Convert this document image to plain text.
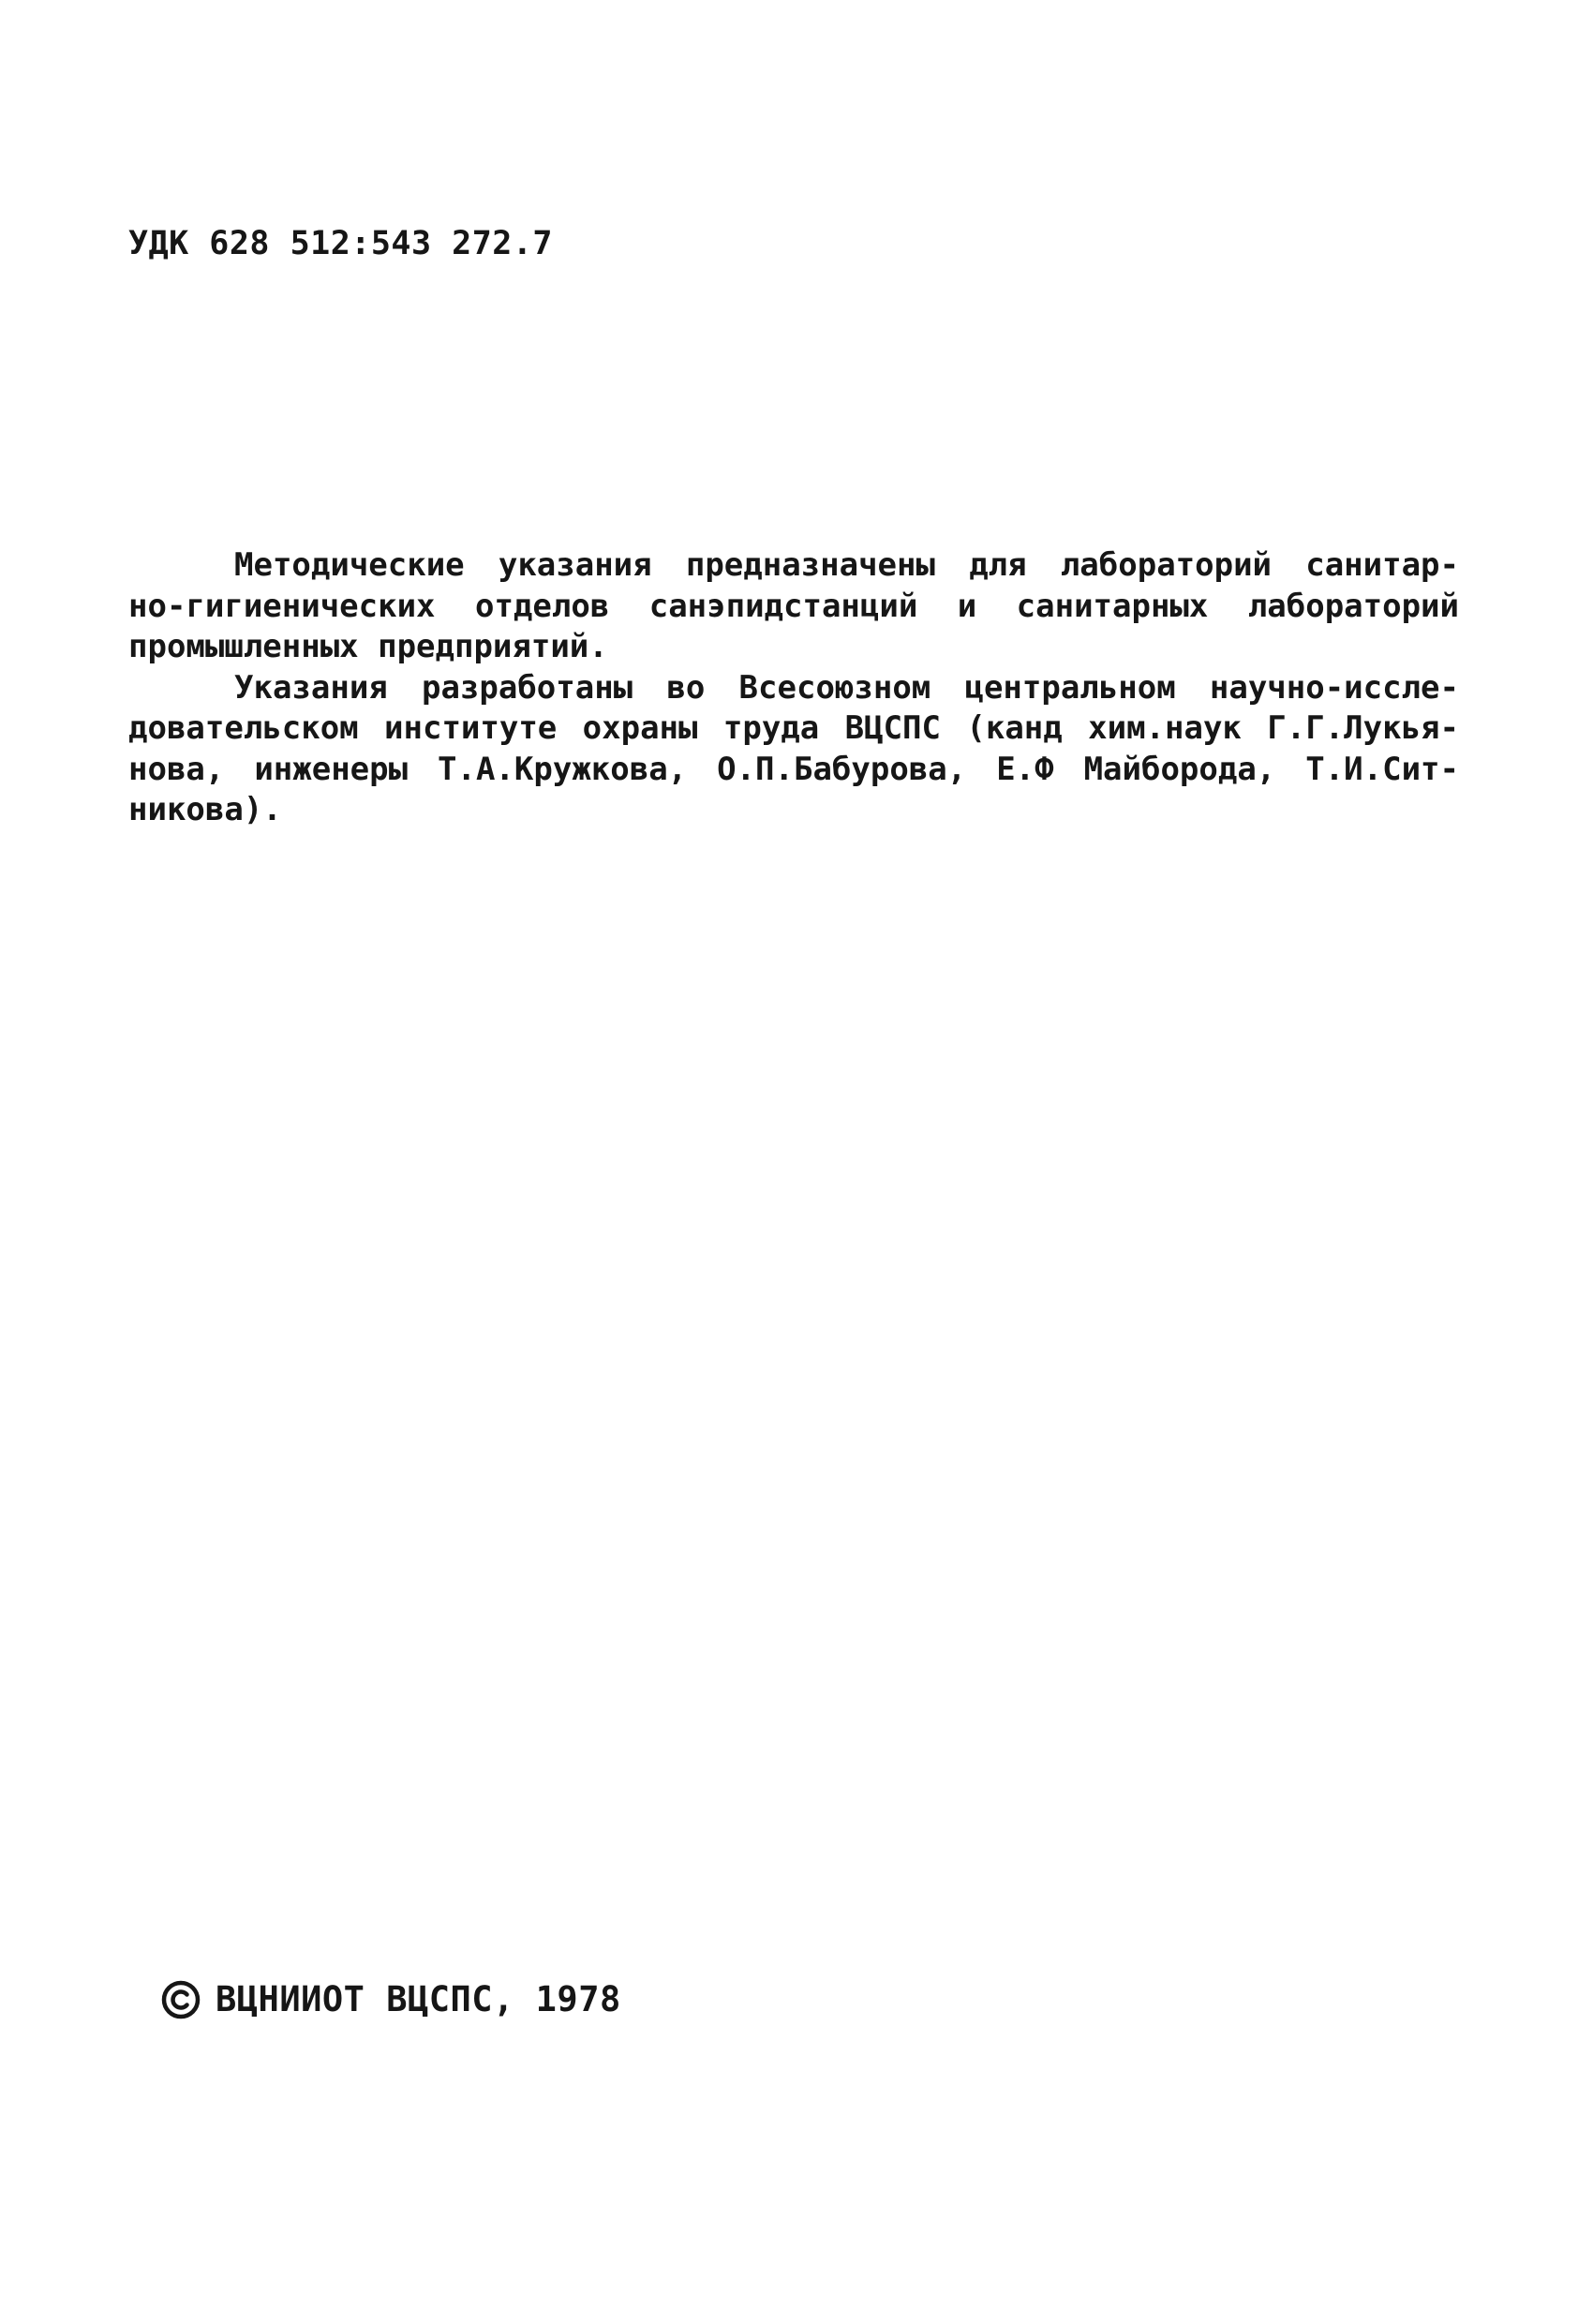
УДК 628 512:543 272.7
Методические указания предназначены для лабораторий санитар-
но-гигиенических отделов санэпидстанций и санитарных лабораторий
промышленных предприятий.
Указания разработаны во Всесоюзном центральном научно-иссле-
довательском институте охраны труда ВЦСПС (канд хим.наук Г.Г.Лукья-
нова, инженеры Т.А.Кружкова, О.П.Бабурова, Е.Ф Майборода, Т.И.Сит-
никова).
ВЦНИИОТ ВЦСПС, 1978
